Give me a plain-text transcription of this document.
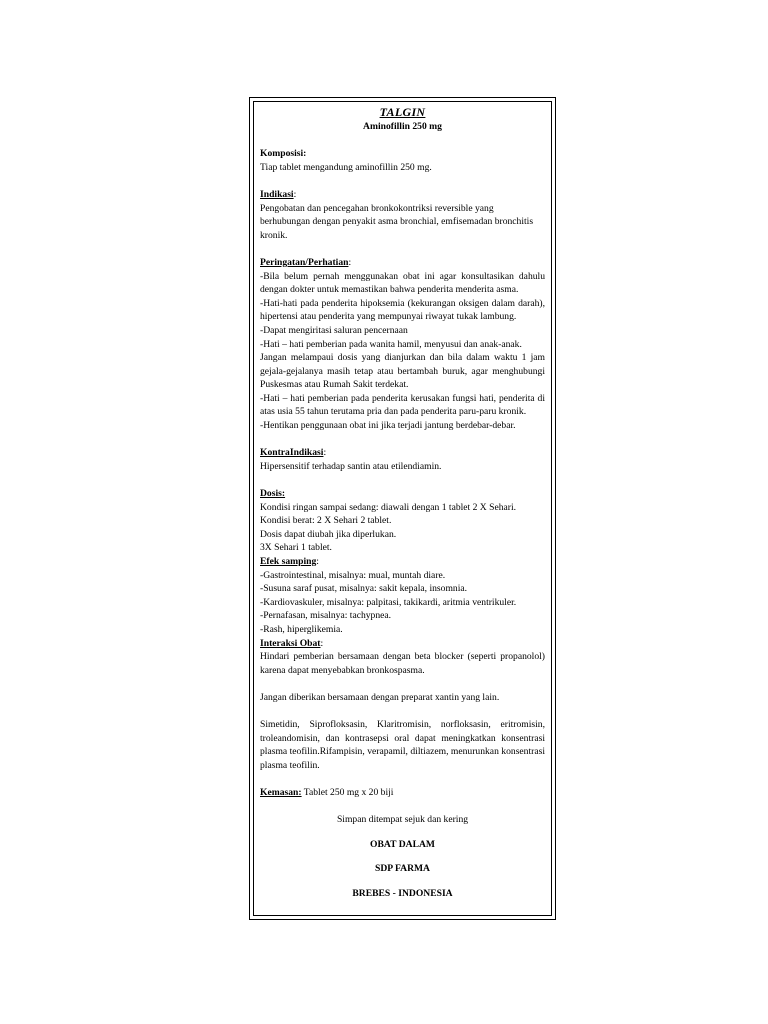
TALGIN

Aminofillin 250 mg

Komposisi:

Tiap tablet mengandung aminofillin 250 mg.

Indikasi:

Pengobatan dan pencegahan bronkokontriksi reversible yang

berhubungan dengan penyakit asma bronchial, emfisemadan bronchitis

kronik.

Peringatan/Perhatian:

-Bila belum pernah menggunakan obat ini agar konsultasikan dahulu dengan dokter untuk memastikan bahwa penderita menderita asma.

-Hati-hati pada penderita hipoksemia (kekurangan oksigen dalam darah), hipertensi atau penderita yang mempunyai riwayat tukak lambung.

-Dapat mengiritasi saluran pencernaan

-Hati – hati pemberian pada wanita hamil, menyusui dan anak-anak.

Jangan melampaui dosis yang dianjurkan dan bila dalam waktu 1 jam gejala-gejalanya masih tetap atau bertambah buruk, agar menghubungi Puskesmas atau Rumah Sakit terdekat.

-Hati – hati pemberian pada penderita kerusakan fungsi hati, penderita di atas usia 55 tahun terutama pria dan pada penderita paru-paru kronik.

-Hentikan penggunaan obat ini jika terjadi jantung berdebar-debar.

KontraIndikasi:

Hipersensitif terhadap santin atau etilendiamin.

Dosis:

Kondisi ringan sampai sedang: diawali dengan 1 tablet 2 X Sehari.

Kondisi berat: 2 X Sehari 2 tablet.

Dosis dapat diubah jika diperlukan.

3X Sehari 1 tablet.

Efek samping:

-Gastrointestinal, misalnya: mual, muntah diare.

-Susuna saraf pusat, misalnya: sakit kepala, insomnia.

-Kardiovaskuler, misalnya: palpitasi, takikardi, aritmia ventrikuler.

-Pernafasan, misalnya: tachypnea.

-Rash, hiperglikemia.

Interaksi Obat:

Hindari pemberian bersamaan dengan beta blocker (seperti propanolol) karena dapat menyebabkan bronkospasma.

Jangan diberikan bersamaan dengan preparat xantin yang lain.

Simetidin, Siprofloksasin, Klaritromisin, norfloksasin, eritromisin, troleandomisin, dan kontrasepsi oral dapat meningkatkan konsentrasi plasma teofilin.Rifampisin, verapamil, diltiazem, menurunkan konsentrasi plasma teofilin.

Kemasan: Tablet 250 mg x 20 biji

Simpan ditempat sejuk dan kering

OBAT DALAM

SDP FARMA

BREBES - INDONESIA
